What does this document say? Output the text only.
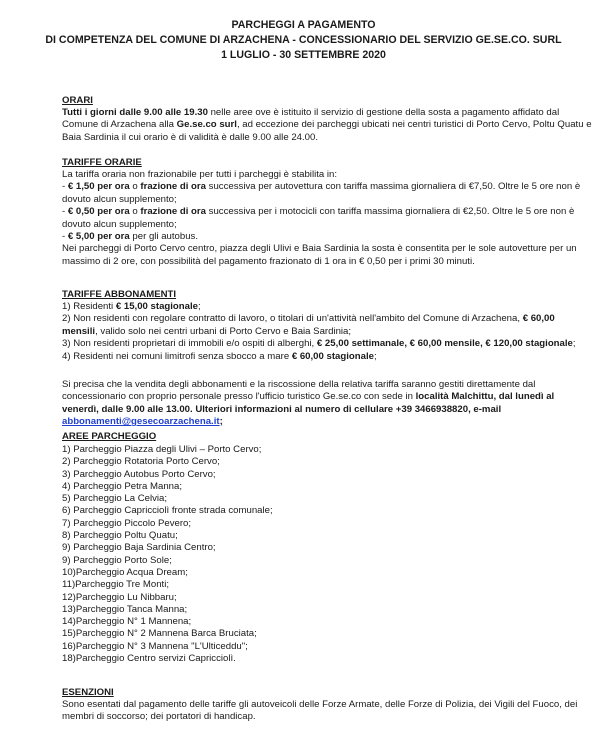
PARCHEGGI A PAGAMENTO
DI COMPETENZA DEL COMUNE DI ARZACHENA - CONCESSIONARIO DEL SERVIZIO GE.SE.CO. SURL
1 LUGLIO - 30 SETTEMBRE 2020
ORARI
Tutti i giorni dalle 9.00 alle 19.30 nelle aree ove è istituito il servizio di gestione della sosta a pagamento affidato dal Comune di Arzachena alla Ge.se.co surl, ad eccezione dei parcheggi ubicati nei centri turistici di Porto Cervo, Poltu Quatu e Baia Sardinia il cui orario è di validità è dalle 9.00 alle 24.00.
TARIFFE ORARIE
La tariffa oraria non frazionabile per tutti i parcheggi è stabilita in:
- € 1,50 per ora o frazione di ora successiva per autovettura con tariffa massima giornaliera di €7,50. Oltre le 5 ore non è dovuto alcun supplemento;
- € 0,50 per ora o frazione di ora successiva per i motocicli con tariffa massima giornaliera di €2,50. Oltre le 5 ore non è dovuto alcun supplemento;
- € 5,00 per ora per gli autobus.
Nei parcheggi di Porto Cervo centro, piazza degli Ulivi e Baia Sardinia la sosta è consentita per le sole autovetture per un massimo di 2 ore, con possibilità del pagamento frazionato di 1 ora in € 0,50 per i primi 30 minuti.
TARIFFE ABBONAMENTI
1) Residenti € 15,00 stagionale;
2) Non residenti con regolare contratto di lavoro, o titolari di un'attività nell'ambito del Comune di Arzachena, € 60,00 mensili, valido solo nei centri urbani di Porto Cervo e Baia Sardinia;
3) Non residenti proprietari di immobili e/o ospiti di alberghi, € 25,00 settimanale, € 60,00 mensile, € 120,00 stagionale;
4) Residenti nei comuni limitrofi senza sbocco a mare € 60,00 stagionale;
Si precisa che la vendita degli abbonamenti e la riscossione della relativa tariffa saranno gestiti direttamente dal concessionario con proprio personale presso l'ufficio turistico Ge.se.co con sede in località Malchittu, dal lunedì al venerdì, dalle 9.00 alle 13.00. Ulteriori informazioni al numero di cellulare +39 3466938820, e-mail abbonamenti@gesecoarzachena.it;
AREE PARCHEGGIO
1) Parcheggio Piazza degli Ulivi – Porto Cervo;
2) Parcheggio Rotatoria Porto Cervo;
3) Parcheggio Autobus Porto Cervo;
4) Parcheggio Petra Manna;
5) Parcheggio La Celvia;
6) Parcheggio Capricciolì fronte strada comunale;
7) Parcheggio Piccolo Pevero;
8) Parcheggio Poltu Quatu;
9) Parcheggio Baja Sardinia Centro;
9) Parcheggio Porto Sole;
10)Parcheggio Acqua Dream;
11)Parcheggio Tre Monti;
12)Parcheggio Lu Nibbaru;
13)Parcheggio Tanca Manna;
14)Parcheggio N° 1 Mannena;
15)Parcheggio N° 2 Mannena Barca Bruciata;
16)Parcheggio N° 3 Mannena "L'Ulticeddu";
18)Parcheggio Centro servizi Capricciolì.
ESENZIONI
Sono esentati dal pagamento delle tariffe gli autoveicoli delle Forze Armate, delle Forze di Polizia, dei Vigili del Fuoco, dei membri di soccorso; dei portatori di handicap.
